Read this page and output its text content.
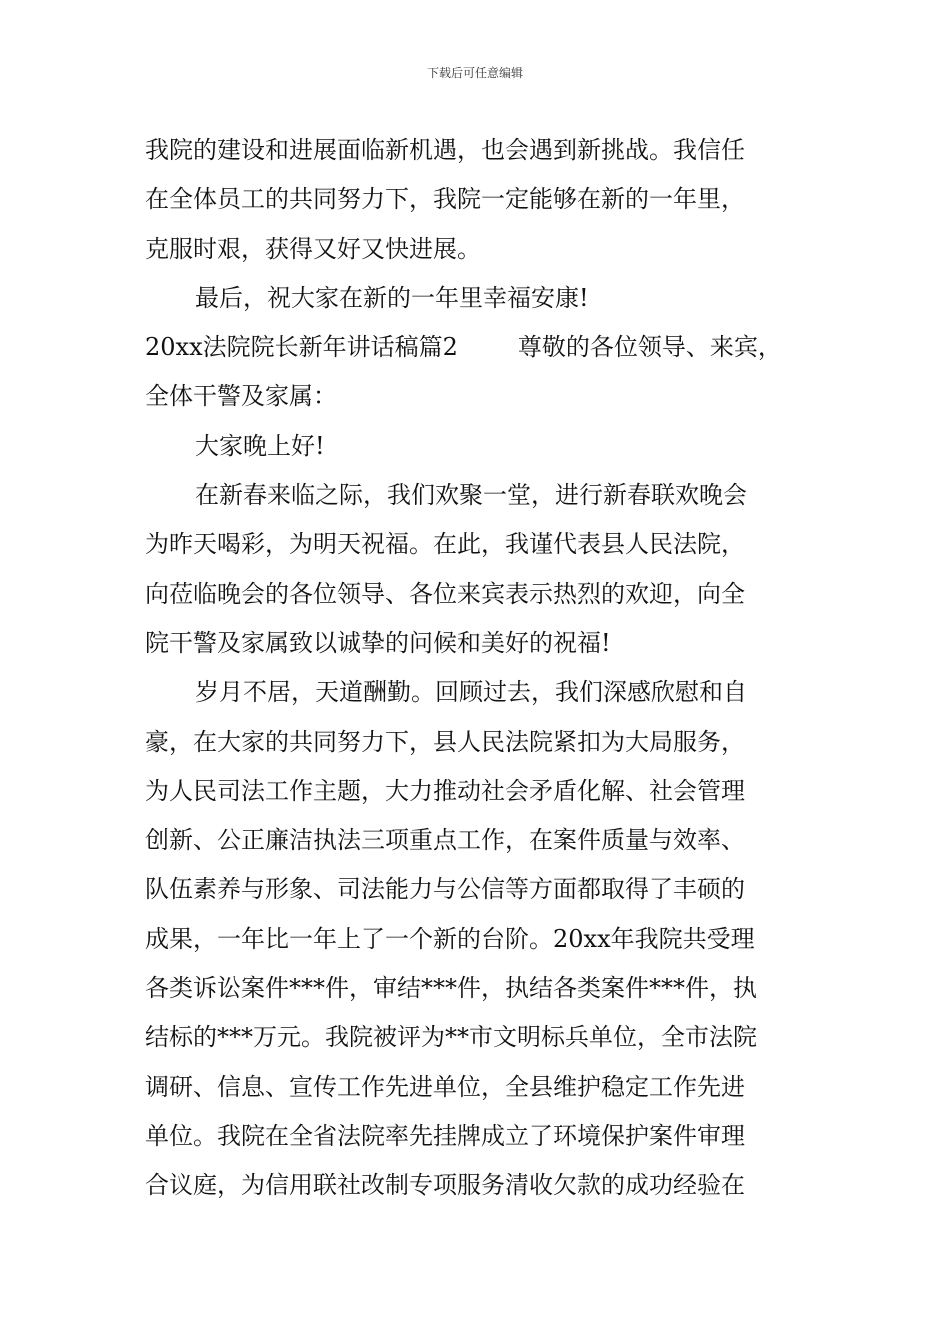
下载后可任意编辑
我院的建设和进展面临新机遇，也会遇到新挑战。我信任
在全体员工的共同努力下，我院一定能够在新的一年里，
克服时艰，获得又好又快进展。
最后，祝大家在新的一年里幸福安康!
20xx法院院长新年讲话稿篇2	尊敬的各位领导、来宾，
全体干警及家属：
大家晚上好!
在新春来临之际，我们欢聚一堂，进行新春联欢晚会
为昨天喝彩，为明天祝福。在此，我谨代表县人民法院，
向莅临晚会的各位领导、各位来宾表示热烈的欢迎，向全
院干警及家属致以诚挚的问候和美好的祝福!
岁月不居，天道酬勤。回顾过去，我们深感欣慰和自
豪，在大家的共同努力下，县人民法院紧扣为大局服务，
为人民司法工作主题，大力推动社会矛盾化解、社会管理
创新、公正廉洁执法三项重点工作，在案件质量与效率、
队伍素养与形象、司法能力与公信等方面都取得了丰硕的
成果，一年比一年上了一个新的台阶。20xx年我院共受理
各类诉讼案件***件，审结***件，执结各类案件***件，执
结标的***万元。我院被评为**市文明标兵单位，全市法院
调研、信息、宣传工作先进单位，全县维护稳定工作先进
单位。我院在全省法院率先挂牌成立了环境保护案件审理
合议庭，为信用联社改制专项服务清收欠款的成功经验在
